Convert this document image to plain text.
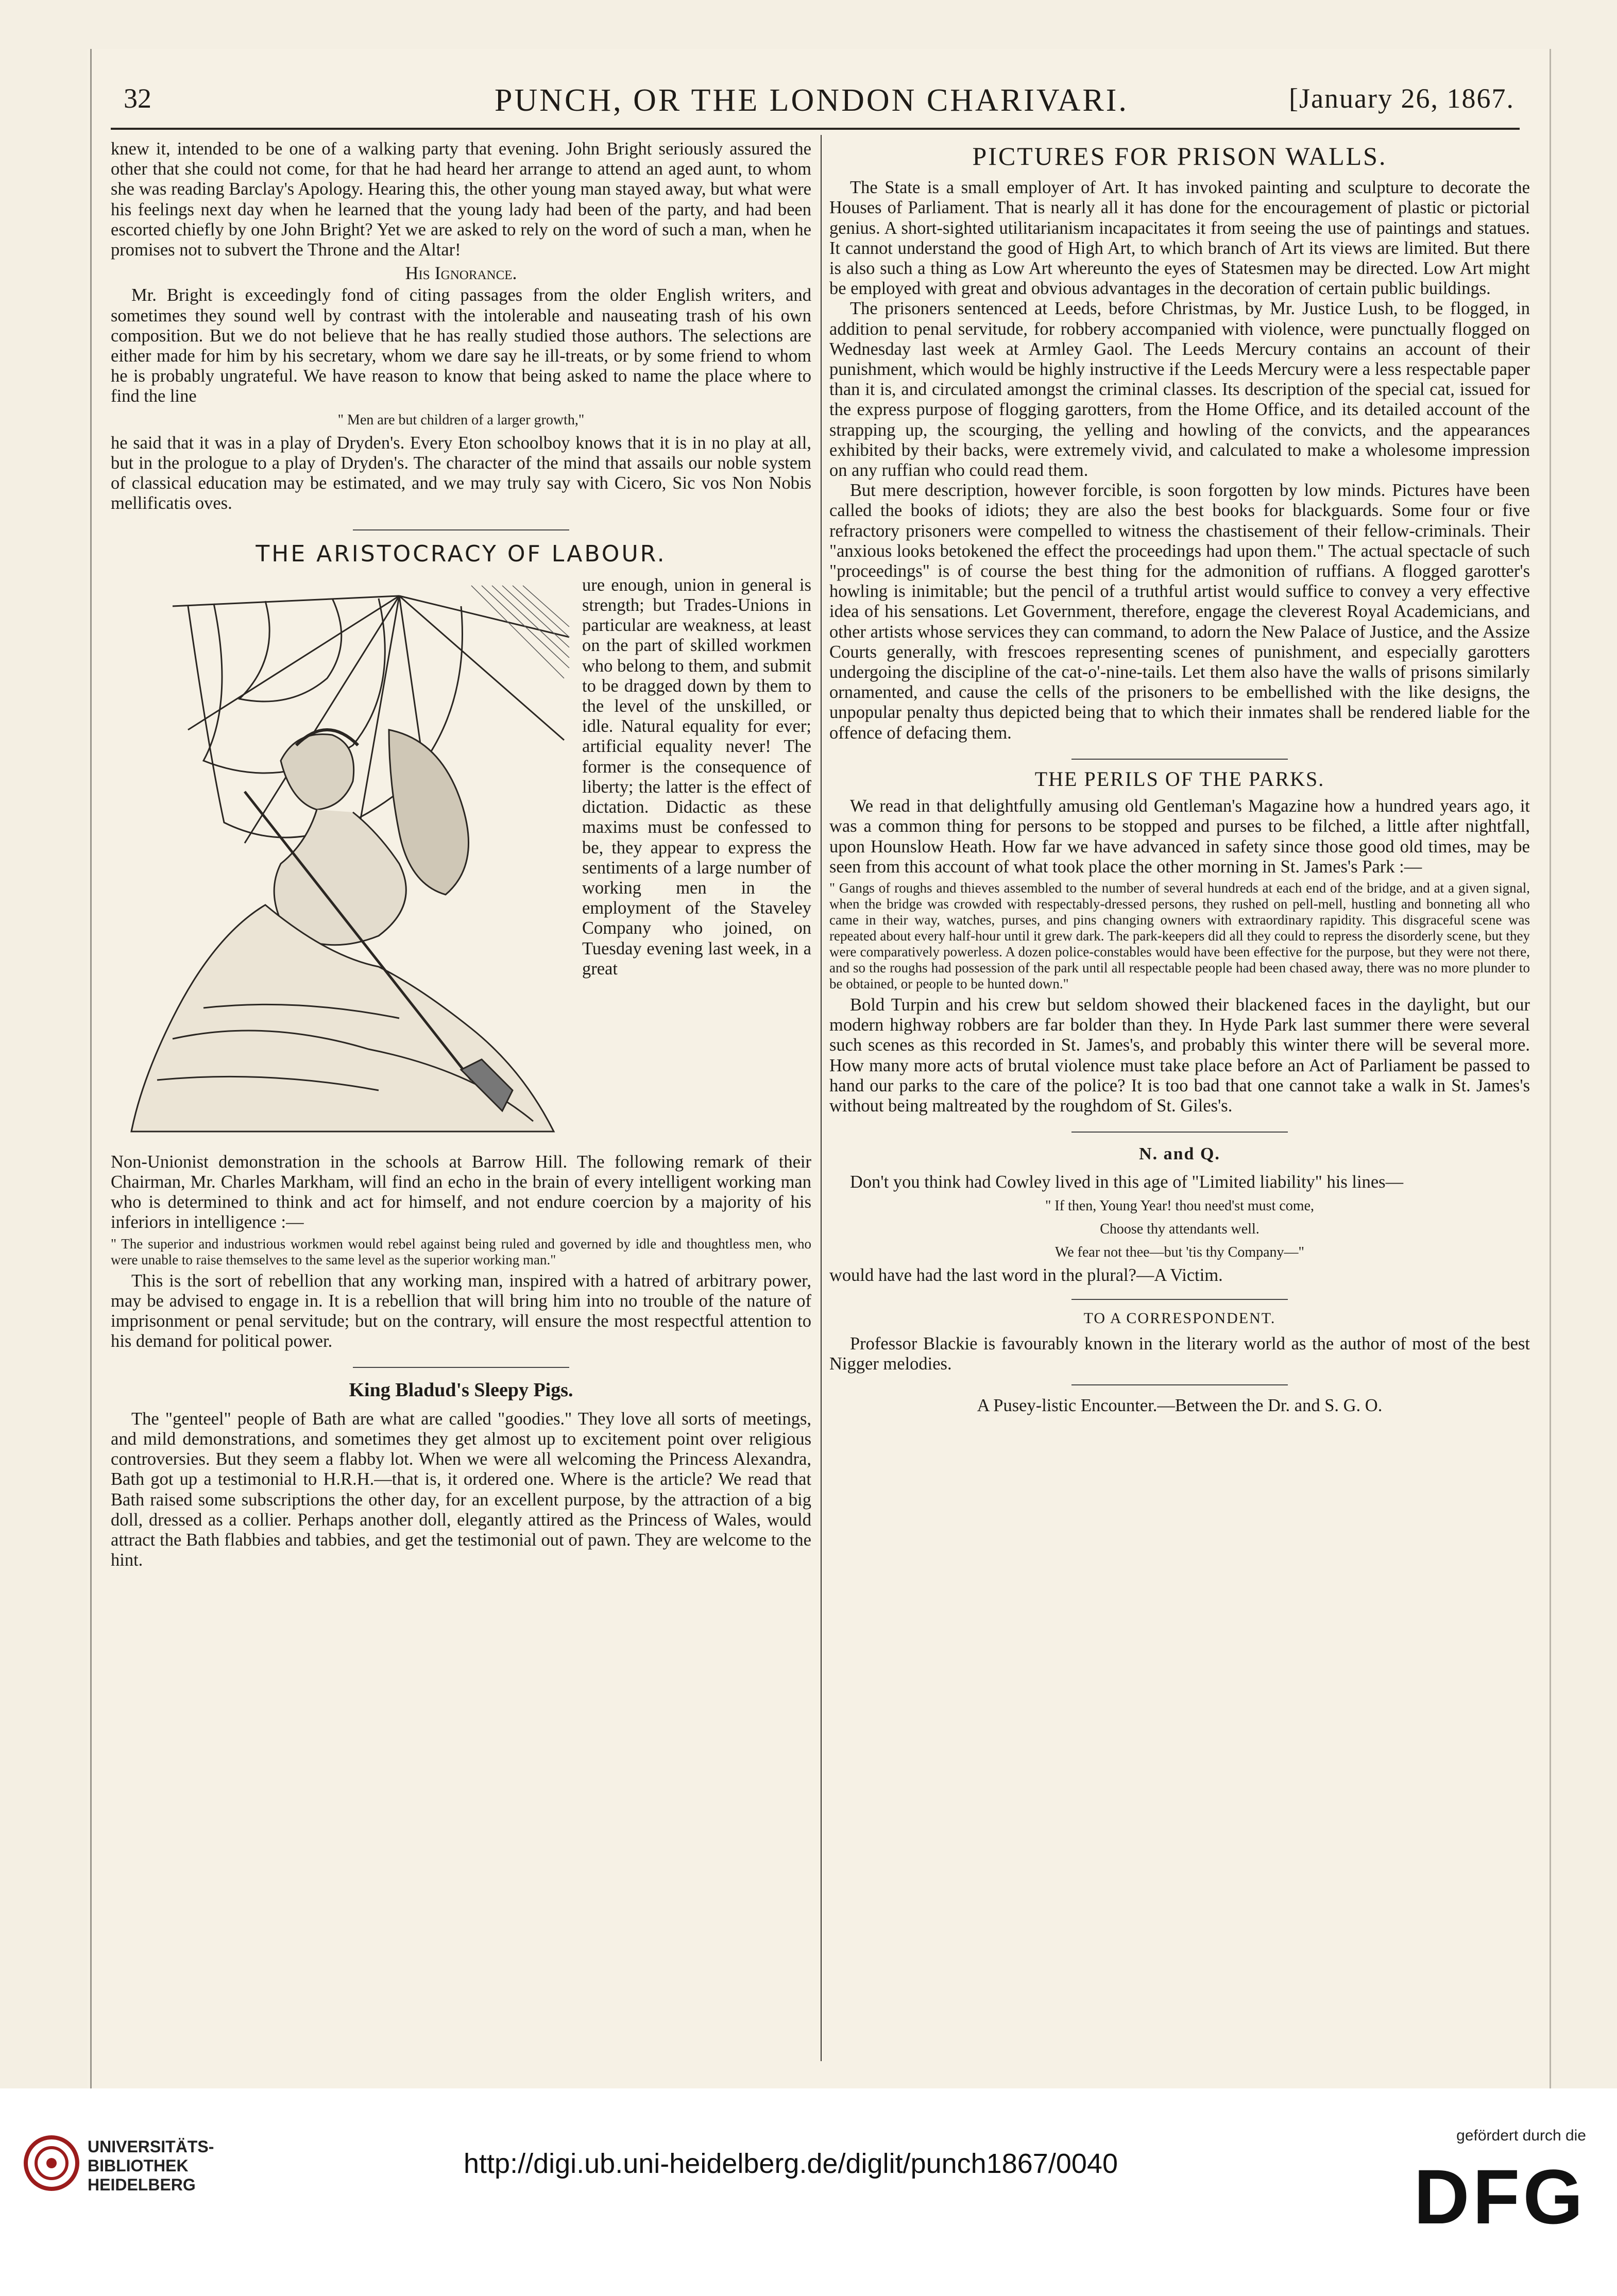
32	PUNCH, OR THE LONDON CHARIVARI.	[January 26, 1867.

knew it, intended to be one of a walking party that evening. John Bright seriously assured the other that she could not come, for that he had heard her arrange to attend an aged aunt, to whom she was reading Barclay's Apology. Hearing this, the other young man stayed away, but what were his feelings next day when he learned that the young lady had been of the party, and had been escorted chiefly by one John Bright? Yet we are asked to rely on the word of such a man, when he promises not to subvert the Throne and the Altar!

His Ignorance.

Mr. Bright is exceedingly fond of citing passages from the older English writers, and sometimes they sound well by contrast with the intolerable and nauseating trash of his own composition. But we do not believe that he has really studied those authors. The selections are either made for him by his secretary, whom we dare say he ill-treats, or by some friend to whom he is probably ungrateful. We have reason to know that being asked to name the place where to find the line

" Men are but children of a larger growth,"

he said that it was in a play of Dryden's. Every Eton schoolboy knows that it is in no play at all, but in the prologue to a play of Dryden's. The character of the mind that assails our noble system of classical education may be estimated, and we may truly say with Cicero, Sic vos Non Nobis mellificatis oves.

THE ARISTOCRACY OF LABOUR.
ure enough, union in general is strength; but Trades-Unions in particular are weakness, at least on the part of skilled workmen who belong to them, and submit to be dragged down by them to the level of the unskilled, or idle. Natural equality for ever; artificial equality never! The former is the consequence of liberty; the latter is the effect of dictation. Didactic as these maxims must be confessed to be, they appear to express the sentiments of a large number of working men in the employment of the Staveley Company who joined, on Tuesday evening last week, in a great

Non-Unionist demonstration in the schools at Barrow Hill. The following remark of their Chairman, Mr. Charles Markham, will find an echo in the brain of every intelligent working man who is determined to think and act for himself, and not endure coercion by a majority of his inferiors in intelligence :—

" The superior and industrious workmen would rebel against being ruled and governed by idle and thoughtless men, who were unable to raise themselves to the same level as the superior working man."

This is the sort of rebellion that any working man, inspired with a hatred of arbitrary power, may be advised to engage in. It is a rebellion that will bring him into no trouble of the nature of imprisonment or penal servitude; but on the contrary, will ensure the most respectful attention to his demand for political power.

King Bladud's Sleepy Pigs.

The "genteel" people of Bath are what are called "goodies." They love all sorts of meetings, and mild demonstrations, and sometimes they get almost up to excitement point over religious controversies. But they seem a flabby lot. When we were all welcoming the Princess Alexandra, Bath got up a testimonial to H.R.H.—that is, it ordered one. Where is the article? We read that Bath raised some subscriptions the other day, for an excellent purpose, by the attraction of a big doll, dressed as a collier. Perhaps another doll, elegantly attired as the Princess of Wales, would attract the Bath flabbies and tabbies, and get the testimonial out of pawn. They are welcome to the hint.

PICTURES FOR PRISON WALLS.

The State is a small employer of Art. It has invoked painting and sculpture to decorate the Houses of Parliament. That is nearly all it has done for the encouragement of plastic or pictorial genius. A short-sighted utilitarianism incapacitates it from seeing the use of paintings and statues. It cannot understand the good of High Art, to which branch of Art its views are limited. But there is also such a thing as Low Art whereunto the eyes of Statesmen may be directed. Low Art might be employed with great and obvious advantages in the decoration of certain public buildings.

The prisoners sentenced at Leeds, before Christmas, by Mr. Justice Lush, to be flogged, in addition to penal servitude, for robbery accompanied with violence, were punctually flogged on Wednesday last week at Armley Gaol. The Leeds Mercury contains an account of their punishment, which would be highly instructive if the Leeds Mercury were a less respectable paper than it is, and circulated amongst the criminal classes. Its description of the special cat, issued for the express purpose of flogging garotters, from the Home Office, and its detailed account of the strapping up, the scourging, the yelling and howling of the convicts, and the appearances exhibited by their backs, were extremely vivid, and calculated to make a wholesome impression on any ruffian who could read them.

But mere description, however forcible, is soon forgotten by low minds. Pictures have been called the books of idiots; they are also the best books for blackguards. Some four or five refractory prisoners were compelled to witness the chastisement of their fellow-criminals. Their "anxious looks betokened the effect the proceedings had upon them." The actual spectacle of such "proceedings" is of course the best thing for the admonition of ruffians. A flogged garotter's howling is inimitable; but the pencil of a truthful artist would suffice to convey a very effective idea of his sensations. Let Government, therefore, engage the cleverest Royal Academicians, and other artists whose services they can command, to adorn the New Palace of Justice, and the Assize Courts generally, with frescoes representing scenes of punishment, and especially garotters undergoing the discipline of the cat-o'-nine-tails. Let them also have the walls of prisons similarly ornamented, and cause the cells of the prisoners to be embellished with the like designs, the unpopular penalty thus depicted being that to which their inmates shall be rendered liable for the offence of defacing them.

THE PERILS OF THE PARKS.

We read in that delightfully amusing old Gentleman's Magazine how a hundred years ago, it was a common thing for persons to be stopped and purses to be filched, a little after nightfall, upon Hounslow Heath. How far we have advanced in safety since those good old times, may be seen from this account of what took place the other morning in St. James's Park :—

" Gangs of roughs and thieves assembled to the number of several hundreds at each end of the bridge, and at a given signal, when the bridge was crowded with respectably-dressed persons, they rushed on pell-mell, hustling and bonneting all who came in their way, watches, purses, and pins changing owners with extraordinary rapidity. This disgraceful scene was repeated about every half-hour until it grew dark. The park-keepers did all they could to repress the disorderly scene, but they were comparatively powerless. A dozen police-constables would have been effective for the purpose, but they were not there, and so the roughs had possession of the park until all respectable people had been chased away, there was no more plunder to be obtained, or people to be hunted down."

Bold Turpin and his crew but seldom showed their blackened faces in the daylight, but our modern highway robbers are far bolder than they. In Hyde Park last summer there were several such scenes as this recorded in St. James's, and probably this winter there will be several more. How many more acts of brutal violence must take place before an Act of Parliament be passed to hand our parks to the care of the police? It is too bad that one cannot take a walk in St. James's without being maltreated by the roughdom of St. Giles's.

N. and Q.

Don't you think had Cowley lived in this age of "Limited liability" his lines—

" If then, Young Year! thou need'st must come,
Choose thy attendants well.
We fear not thee—but 'tis thy Company—"

would have had the last word in the plural?—A Victim.

TO A CORRESPONDENT.

Professor Blackie is favourably known in the literary world as the author of most of the best Nigger melodies.

A Pusey-listic Encounter.—Between the Dr. and S. G. O.

UNIVERSITÄTS-
BIBLIOTHEK
HEIDELBERG
http://digi.ub.uni-heidelberg.de/diglit/punch1867/0040
gefördert durch die
DFG
